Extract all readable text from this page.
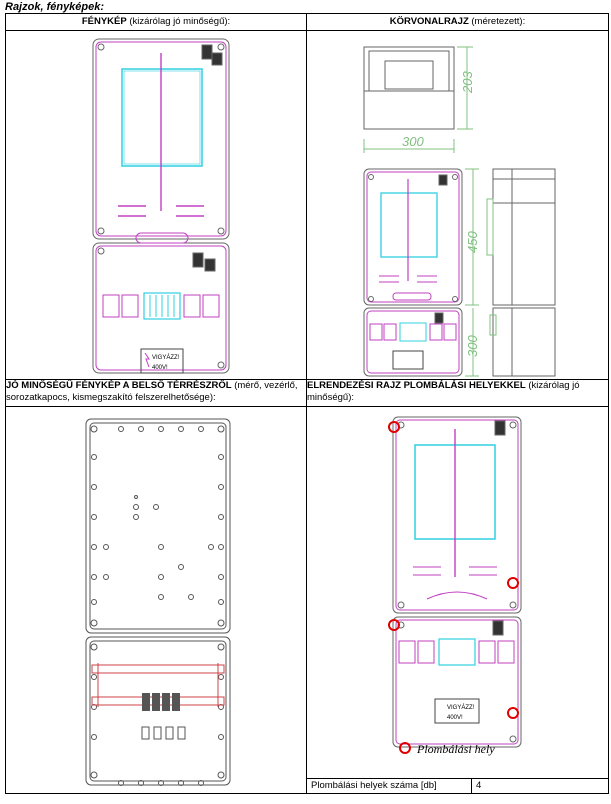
Rajzok, fényképek:
FÉNYKÉP (kizárólag jó minőségű):	KÖRVONALRAJZ (méretezett):

VIGYÁZZ!
400V!

203
300
450
300

JÓ MINŐSÉGŰ FÉNYKÉP A BELSŐ TÉRRÉSZRŐL (mérő, vezérlő, sorozatkapocs, kismegszakító felszerelhetősége):	ELRENDEZÉSI RAJZ PLOMBÁLÁSI HELYEKKEL (kizárólag jó minőségű):

VIGYÁZZ!
400V!
Plombálási hely

Plombálási helyek száma [db]	4
